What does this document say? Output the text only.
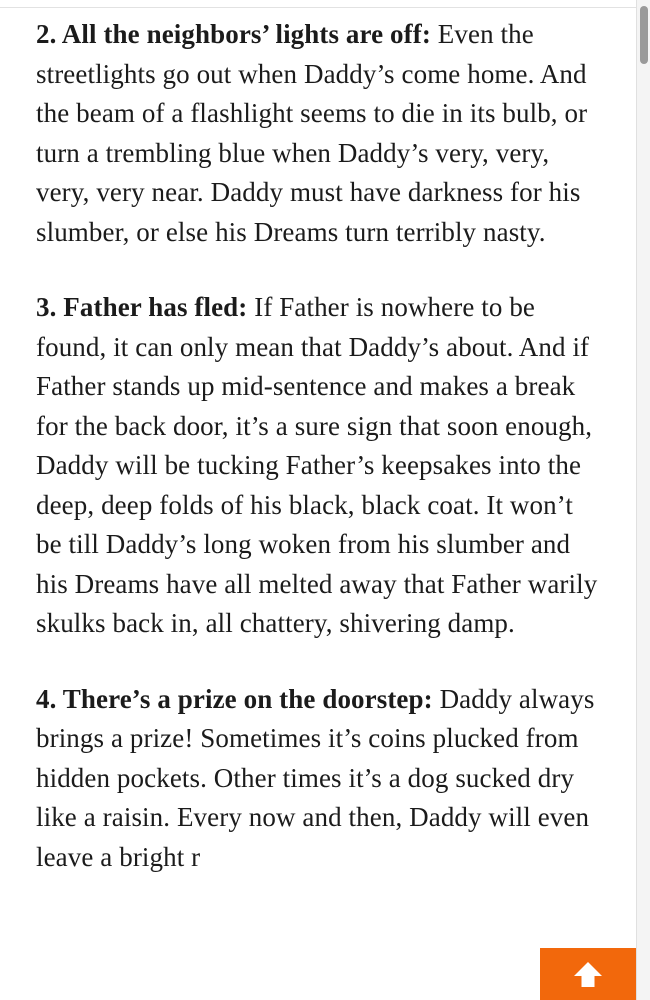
2. All the neighbors’ lights are off: Even the streetlights go out when Daddy’s come home. And the beam of a flashlight seems to die in its bulb, or turn a trembling blue when Daddy’s very, very, very, very near. Daddy must have darkness for his slumber, or else his Dreams turn terribly nasty.

3. Father has fled: If Father is nowhere to be found, it can only mean that Daddy’s about. And if Father stands up mid-sentence and makes a break for the back door, it’s a sure sign that soon enough, Daddy will be tucking Father’s keepsakes into the deep, deep folds of his black, black coat. It won’t be till Daddy’s long woken from his slumber and his Dreams have all melted away that Father warily skulks back in, all chattery, shivering damp.

4. There’s a prize on the doorstep: Daddy always brings a prize! Sometimes it’s coins plucked from hidden pockets. Other times it’s a dog sucked dry like a raisin. Every now and then, Daddy will even leave a bright r
